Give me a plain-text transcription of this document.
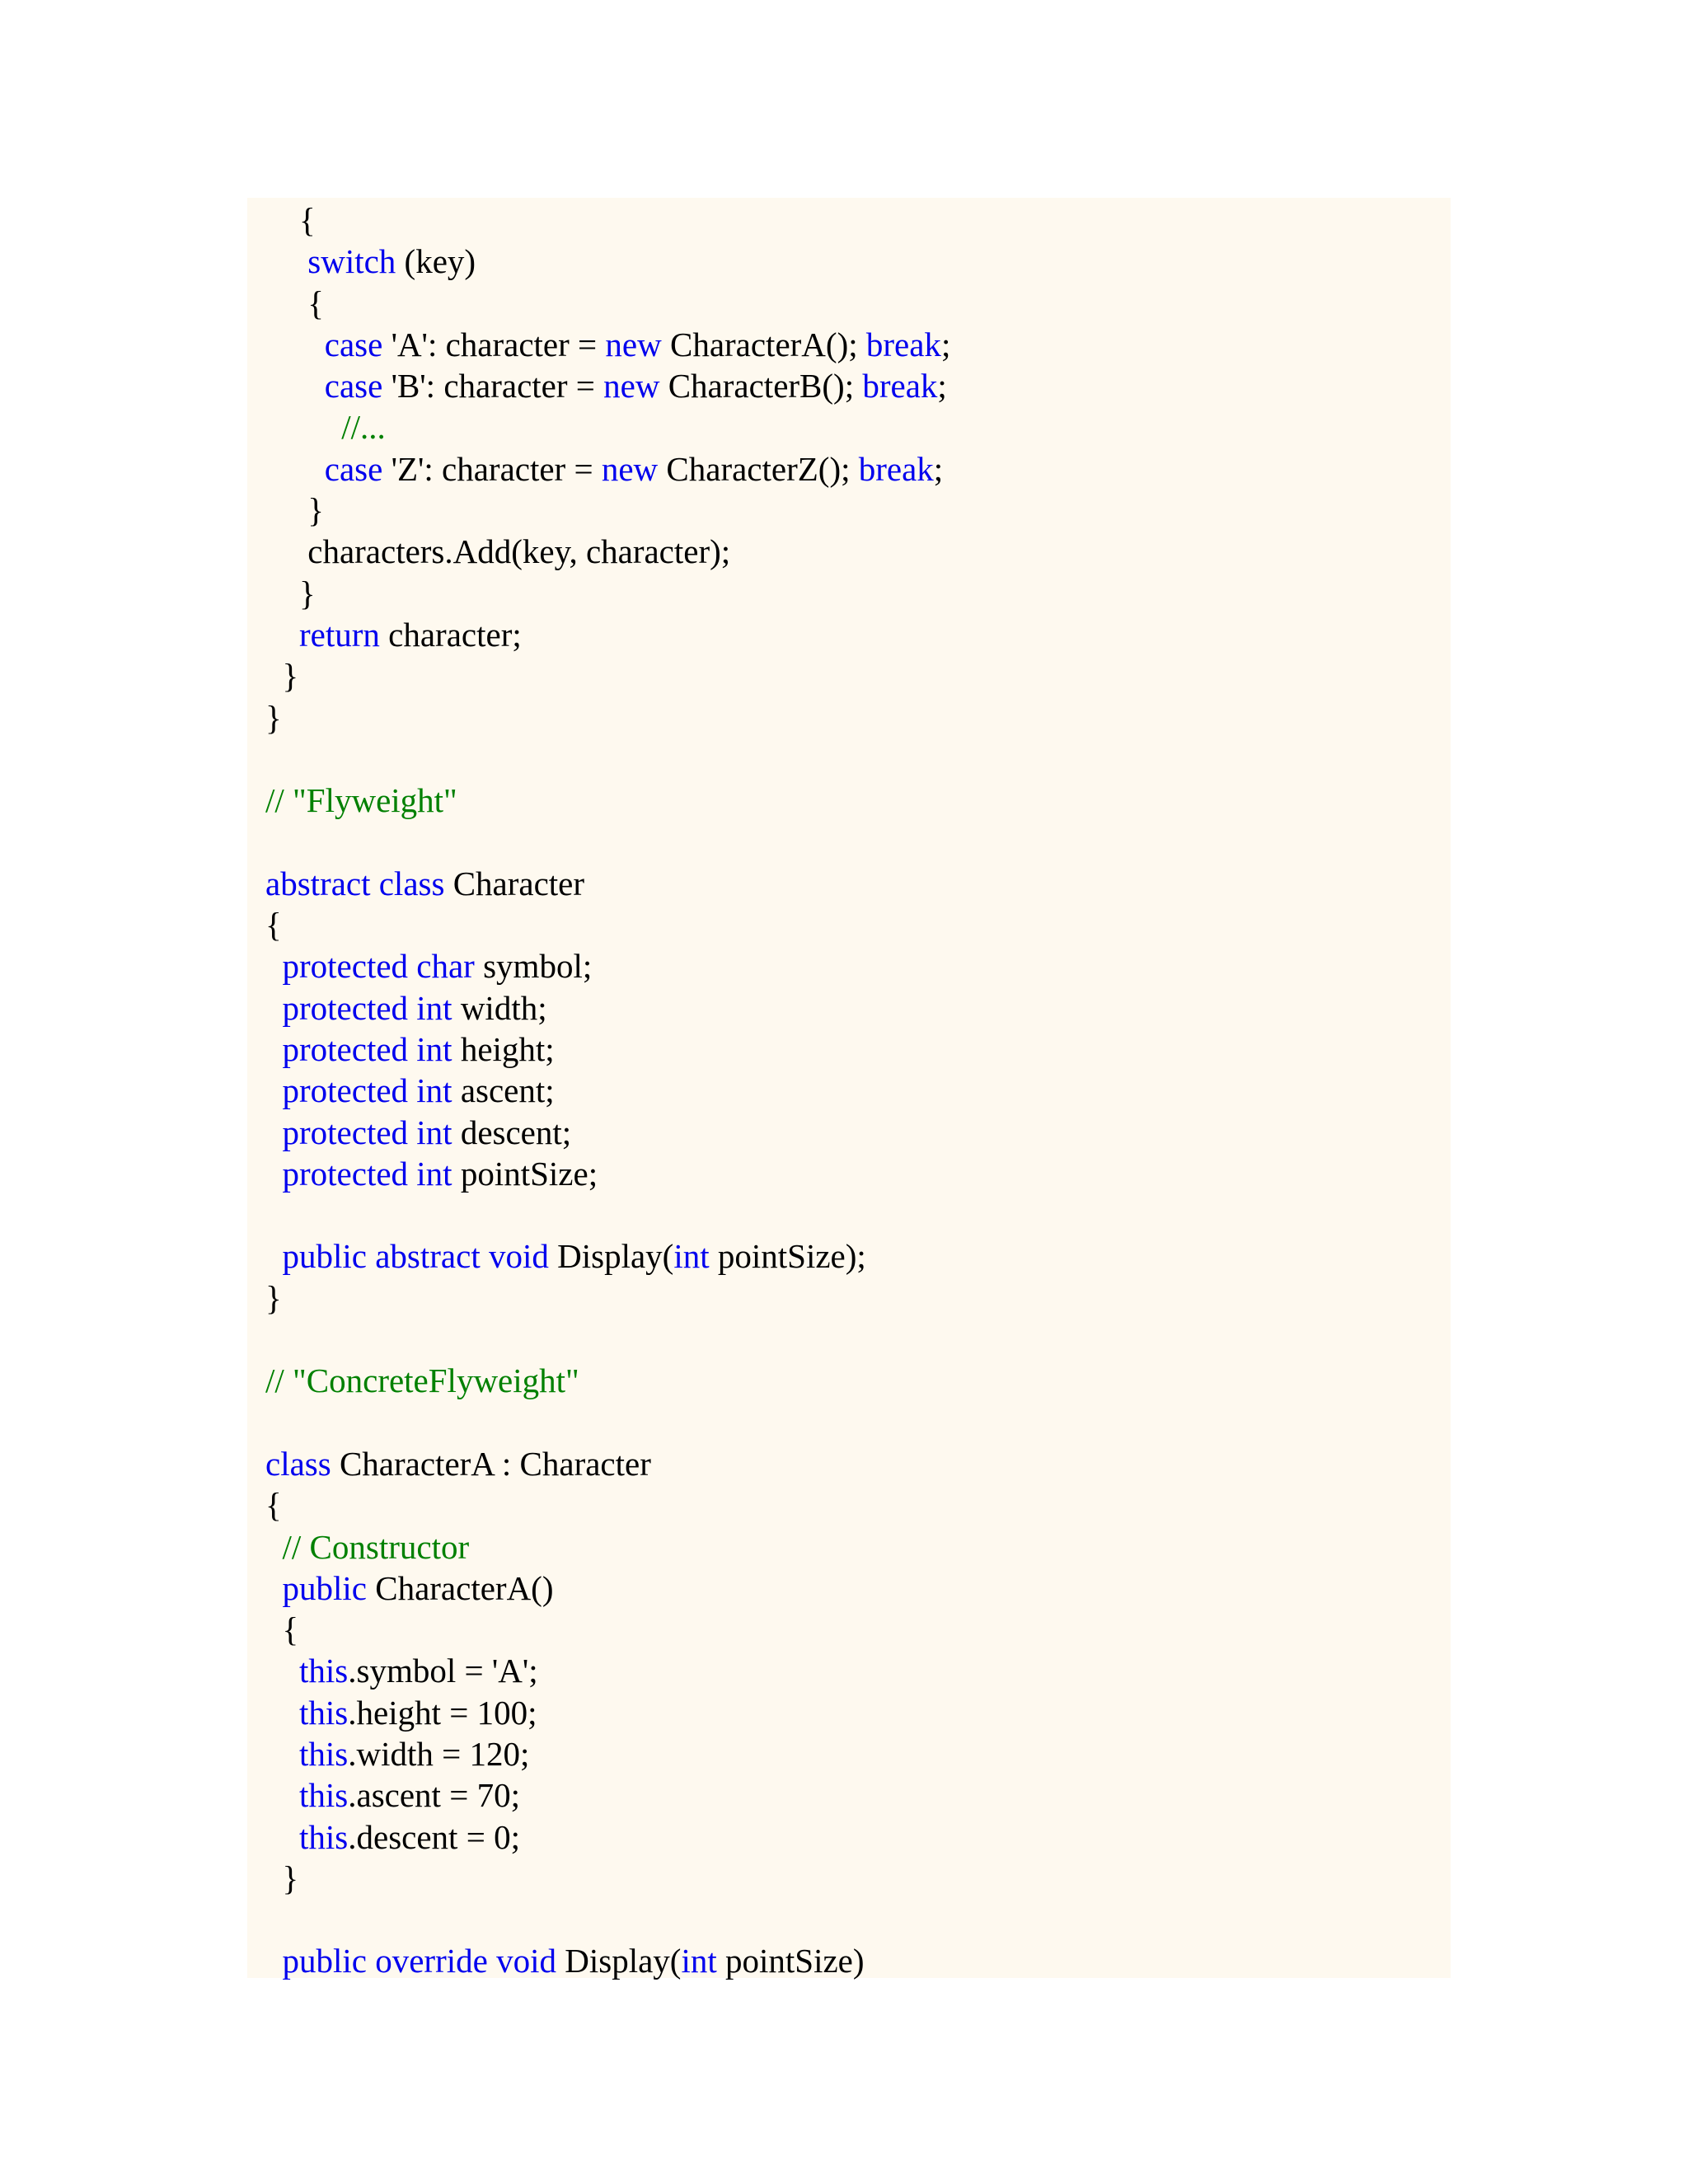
{
switch (key)
{
case 'A': character = new CharacterA(); break;
case 'B': character = new CharacterB(); break;
//...
case 'Z': character = new CharacterZ(); break;
}
characters.Add(key, character);
}
return character;
}
}

// "Flyweight"

abstract class Character
{
protected char symbol;
protected int width;
protected int height;
protected int ascent;
protected int descent;
protected int pointSize;

public abstract void Display(int pointSize);
}

// "ConcreteFlyweight"

class CharacterA : Character
{
// Constructor
public CharacterA()
{
this.symbol = 'A';
this.height = 100;
this.width = 120;
this.ascent = 70;
this.descent = 0;
}

public override void Display(int pointSize)
